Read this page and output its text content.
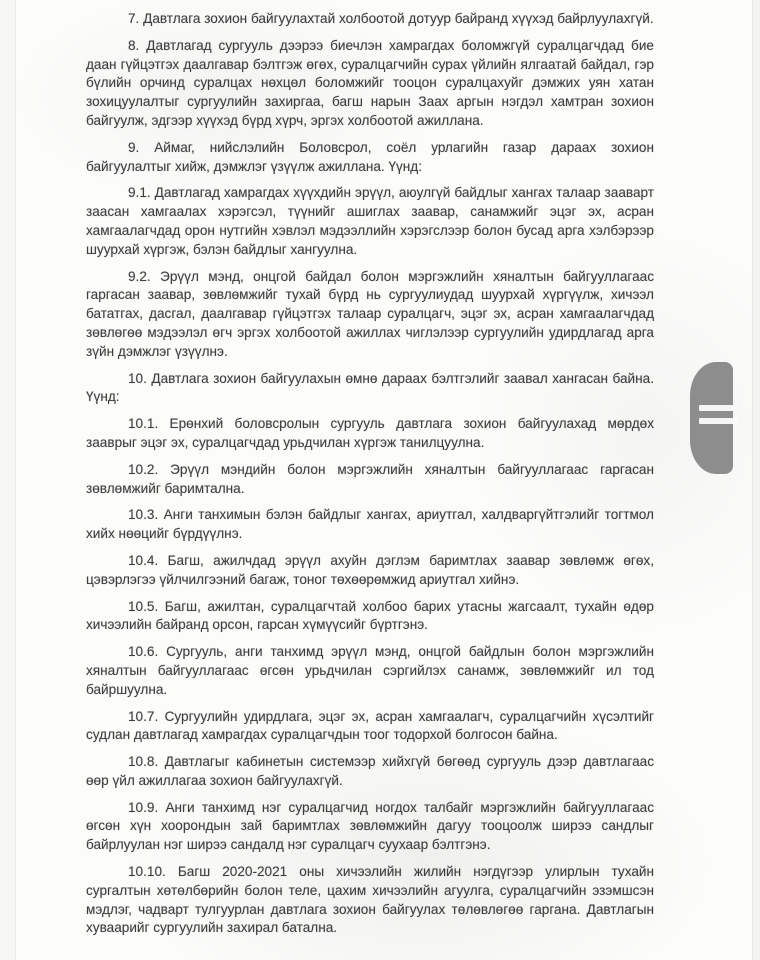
7. Давтлага зохион байгуулахтай холбоотой дотуур байранд хүүхэд байрлуулахгүй.

8. Давтлагад сургууль дээрээ биечлэн хамрагдах боломжгүй суралцагчдад бие даан гүйцэтгэх даалгавар бэлтгэж өгөх, суралцагчийн сурах үйлийн ялгаатай байдал, гэр бүлийн орчинд суралцах нөхцөл боломжийг тооцон суралцахуйг дэмжих уян хатан зохицуулалтыг сургуулийн захиргаа, багш нарын Заах аргын нэгдэл хамтран зохион байгуулж, эдгээр хүүхэд бүрд хүрч, эргэх холбоотой ажиллана.

9. Аймаг, нийслэлийн Боловсрол, соёл урлагийн газар дараах зохион байгуулалтыг хийж, дэмжлэг үзүүлж ажиллана. Үүнд:

9.1. Давтлагад хамрагдах хүүхдийн эрүүл, аюулгүй байдлыг хангах талаар зааварт заасан хамгаалах хэрэгсэл, түүнийг ашиглах заавар, санамжийг эцэг эх, асран хамгаалагчдад орон нутгийн хэвлэл мэдээллийн хэрэгслээр болон бусад арга хэлбэрээр шуурхай хүргэж, бэлэн байдлыг хангуулна.

9.2. Эрүүл мэнд, онцгой байдал болон мэргэжлийн хяналтын байгууллагаас гаргасан заавар, зөвлөмжийг тухай бүрд нь сургуулиудад шуурхай хүргүүлж, хичээл бататгах, дасгал, даалгавар гүйцэтгэх талаар суралцагч, эцэг эх, асран хамгаалагчдад зөвлөгөө мэдээлэл өгч эргэх холбоотой ажиллах чиглэлээр сургуулийн удирдлагад арга зүйн дэмжлэг үзүүлнэ.

10. Давтлага зохион байгуулахын өмнө дараах бэлтгэлийг заавал хангасан байна. Үүнд:

10.1. Ерөнхий боловсролын сургууль давтлага зохион байгуулахад мөрдөх зааврыг эцэг эх, суралцагчдад урьдчилан хүргэж танилцуулна.

10.2. Эрүүл мэндийн болон мэргэжлийн хяналтын байгууллагаас гаргасан зөвлөмжийг баримтална.

10.3. Анги танхимын бэлэн байдлыг хангах, ариутгал, халдваргүйтгэлийг тогтмол хийх нөөцийг бүрдүүлнэ.

10.4. Багш, ажилчдад эрүүл ахуйн дэглэм баримтлах заавар зөвлөмж өгөх, цэвэрлэгээ үйлчилгээний багаж, тоног төхөөрөмжид ариутгал хийнэ.

10.5. Багш, ажилтан, суралцагчтай холбоо барих утасны жагсаалт, тухайн өдөр хичээлийн байранд орсон, гарсан хүмүүсийг бүртгэнэ.

10.6. Сургууль, анги танхимд эрүүл мэнд, онцгой байдлын болон мэргэжлийн хяналтын байгууллагаас өгсөн урьдчилан сэргийлэх санамж, зөвлөмжийг ил тод байршуулна.

10.7. Сургуулийн удирдлага, эцэг эх, асран хамгаалагч, суралцагчийн хүсэлтийг судлан давтлагад хамрагдах суралцагчдын тоог тодорхой болгосон байна.

10.8. Давтлагыг кабинетын системээр хийхгүй бөгөөд сургууль дээр давтлагаас өөр үйл ажиллагаа зохион байгуулахгүй.

10.9. Анги танхимд нэг суралцагчид ногдох талбайг мэргэжлийн байгууллагаас өгсөн хүн хоорондын зай баримтлах зөвлөмжийн дагуу тооцоолж ширээ сандлыг байрлуулан нэг ширээ сандалд нэг суралцагч суухаар бэлтгэнэ.

10.10. Багш 2020-2021 оны хичээлийн жилийн нэгдүгээр улирлын тухайн сургалтын хөтөлбөрийн болон теле, цахим хичээлийн агуулга, суралцагчийн эзэмшсэн мэдлэг, чадварт тулгуурлан давтлага зохион байгуулах төлөвлөгөө гаргана. Давтлагын хуваарийг сургуулийн захирал батална.
